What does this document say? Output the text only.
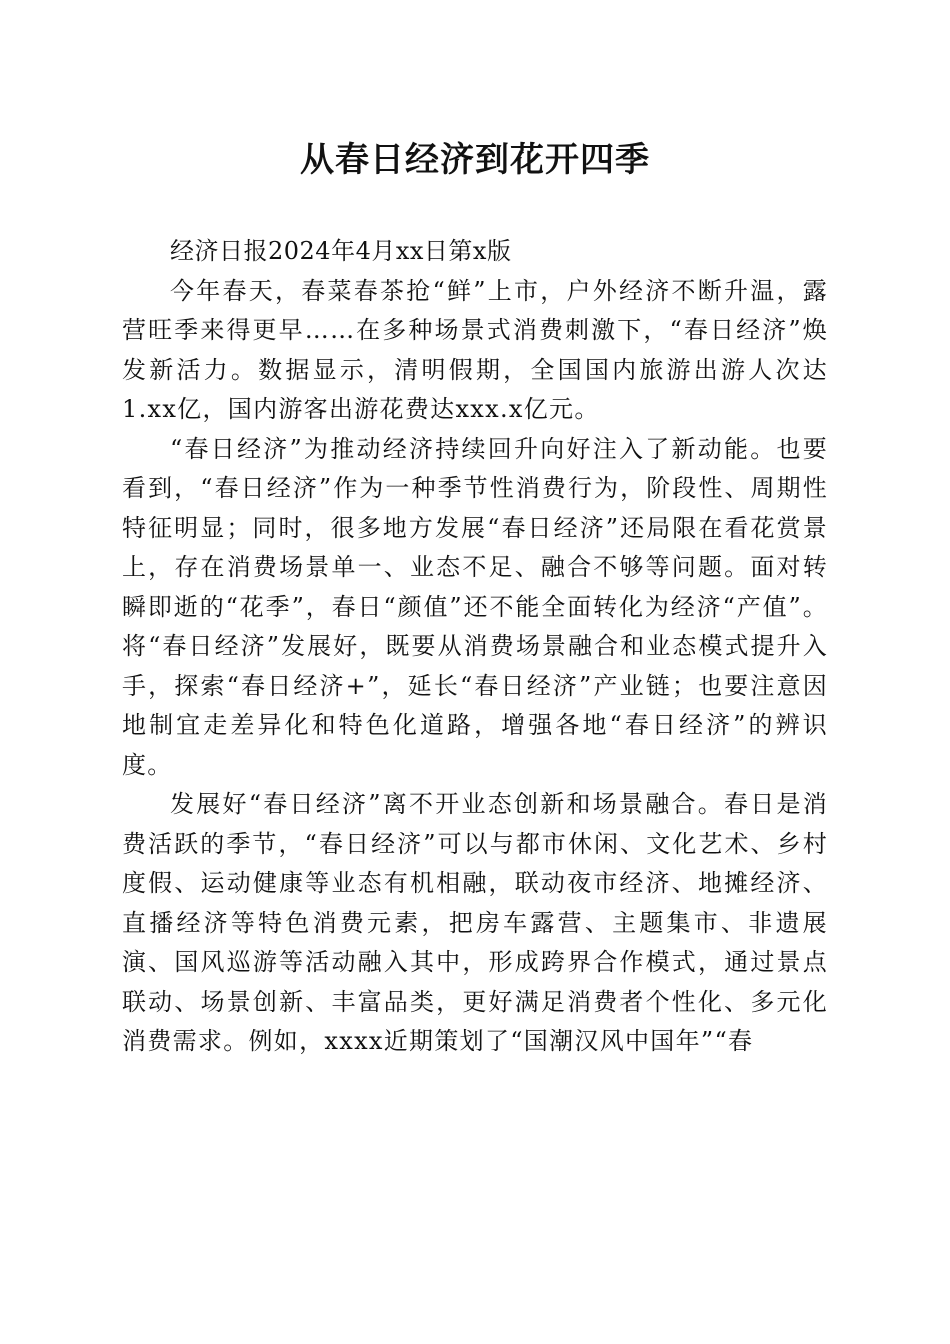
从春日经济到花开四季

经济日报2024年4月xx日第x版

今年春天，春菜春茶抢“鲜”上市，户外经济不断升温，露营旺季来得更早……在多种场景式消费刺激下，“春日经济”焕发新活力。数据显示，清明假期，全国国内旅游出游人次达1.xx亿，国内游客出游花费达xxx.x亿元。

“春日经济”为推动经济持续回升向好注入了新动能。也要看到，“春日经济”作为一种季节性消费行为，阶段性、周期性特征明显；同时，很多地方发展“春日经济”还局限在看花赏景上，存在消费场景单一、业态不足、融合不够等问题。面对转瞬即逝的“花季”，春日“颜值”还不能全面转化为经济“产值”。将“春日经济”发展好，既要从消费场景融合和业态模式提升入手，探索“春日经济+”，延长“春日经济”产业链；也要注意因地制宜走差异化和特色化道路，增强各地“春日经济”的辨识度。

发展好“春日经济”离不开业态创新和场景融合。春日是消费活跃的季节，“春日经济”可以与都市休闲、文化艺术、乡村度假、运动健康等业态有机相融，联动夜市经济、地摊经济、直播经济等特色消费元素，把房车露营、主题集市、非遗展演、国风巡游等活动融入其中，形成跨界合作模式，通过景点联动、场景创新、丰富品类，更好满足消费者个性化、多元化消费需求。例如，xxxx近期策划了“国潮汉风中国年”“春
